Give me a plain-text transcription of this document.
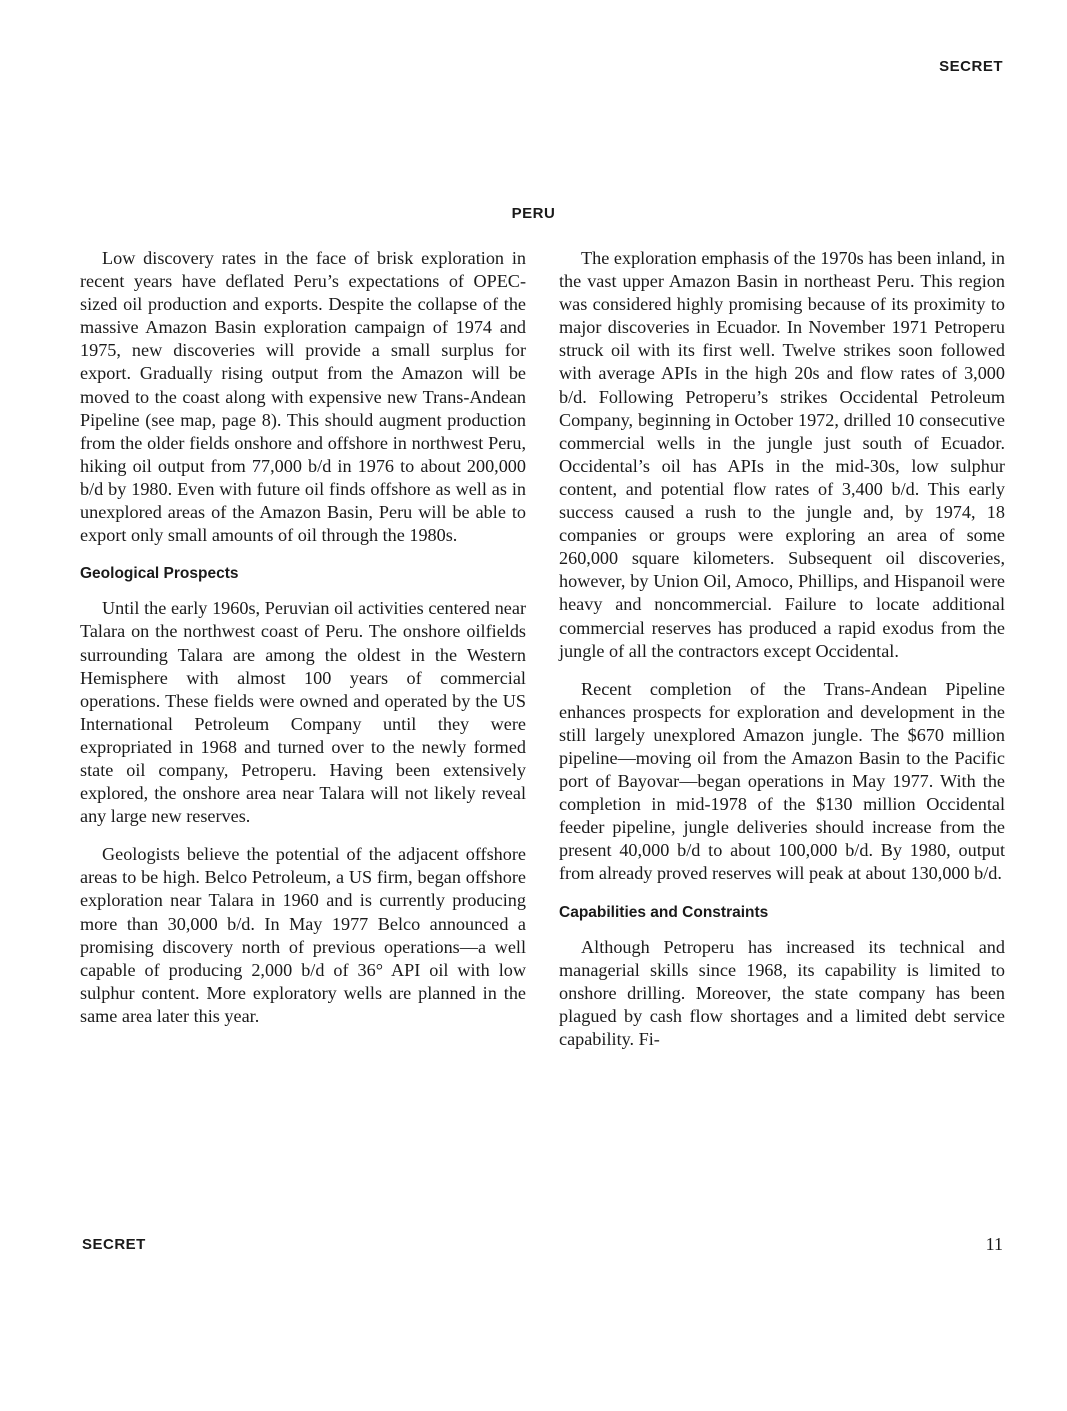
SECRET
PERU

Low discovery rates in the face of brisk exploration in recent years have deflated Peru’s expectations of OPEC-sized oil production and exports. Despite the collapse of the massive Amazon Basin exploration campaign of 1974 and 1975, new discoveries will provide a small surplus for export. Gradually rising output from the Amazon will be moved to the coast along with expensive new Trans-Andean Pipeline (see map, page 8). This should augment production from the older fields onshore and offshore in northwest Peru, hiking oil output from 77,000 b/d in 1976 to about 200,000 b/d by 1980. Even with future oil finds offshore as well as in unexplored areas of the Amazon Basin, Peru will be able to export only small amounts of oil through the 1980s.

Geological Prospects

Until the early 1960s, Peruvian oil activities centered near Talara on the northwest coast of Peru. The onshore oilfields surrounding Talara are among the oldest in the Western Hemisphere with almost 100 years of commercial operations. These fields were owned and operated by the US International Petroleum Company until they were expropriated in 1968 and turned over to the newly formed state oil company, Petroperu. Having been extensively explored, the onshore area near Talara will not likely reveal any large new reserves.

Geologists believe the potential of the adjacent offshore areas to be high. Belco Petroleum, a US firm, began offshore exploration near Talara in 1960 and is currently producing more than 30,000 b/d. In May 1977 Belco announced a promising discovery north of previous operations—a well capable of producing 2,000 b/d of 36° API oil with low sulphur content. More exploratory wells are planned in the same area later this year.

The exploration emphasis of the 1970s has been inland, in the vast upper Amazon Basin in northeast Peru. This region was considered highly promising because of its proximity to major discoveries in Ecuador. In November 1971 Petroperu struck oil with its first well. Twelve strikes soon followed with average APIs in the high 20s and flow rates of 3,000 b/d. Following Petroperu’s strikes Occidental Petroleum Company, beginning in October 1972, drilled 10 consecutive commercial wells in the jungle just south of Ecuador. Occidental’s oil has APIs in the mid-30s, low sulphur content, and potential flow rates of 3,400 b/d. This early success caused a rush to the jungle and, by 1974, 18 companies or groups were exploring an area of some 260,000 square kilometers. Subsequent oil discoveries, however, by Union Oil, Amoco, Phillips, and Hispanoil were heavy and noncommercial. Failure to locate additional commercial reserves has produced a rapid exodus from the jungle of all the contractors except Occidental.

Recent completion of the Trans-Andean Pipeline enhances prospects for exploration and development in the still largely unexplored Amazon jungle. The $670 million pipeline—moving oil from the Amazon Basin to the Pacific port of Bayovar—began operations in May 1977. With the completion in mid-1978 of the $130 million Occidental feeder pipeline, jungle deliveries should increase from the present 40,000 b/d to about 100,000 b/d. By 1980, output from already proved reserves will peak at about 130,000 b/d.

Capabilities and Constraints

Although Petroperu has increased its technical and managerial skills since 1968, its capability is limited to onshore drilling. Moreover, the state company has been plagued by cash flow shortages and a limited debt service capability. Fi-

SECRET	11
